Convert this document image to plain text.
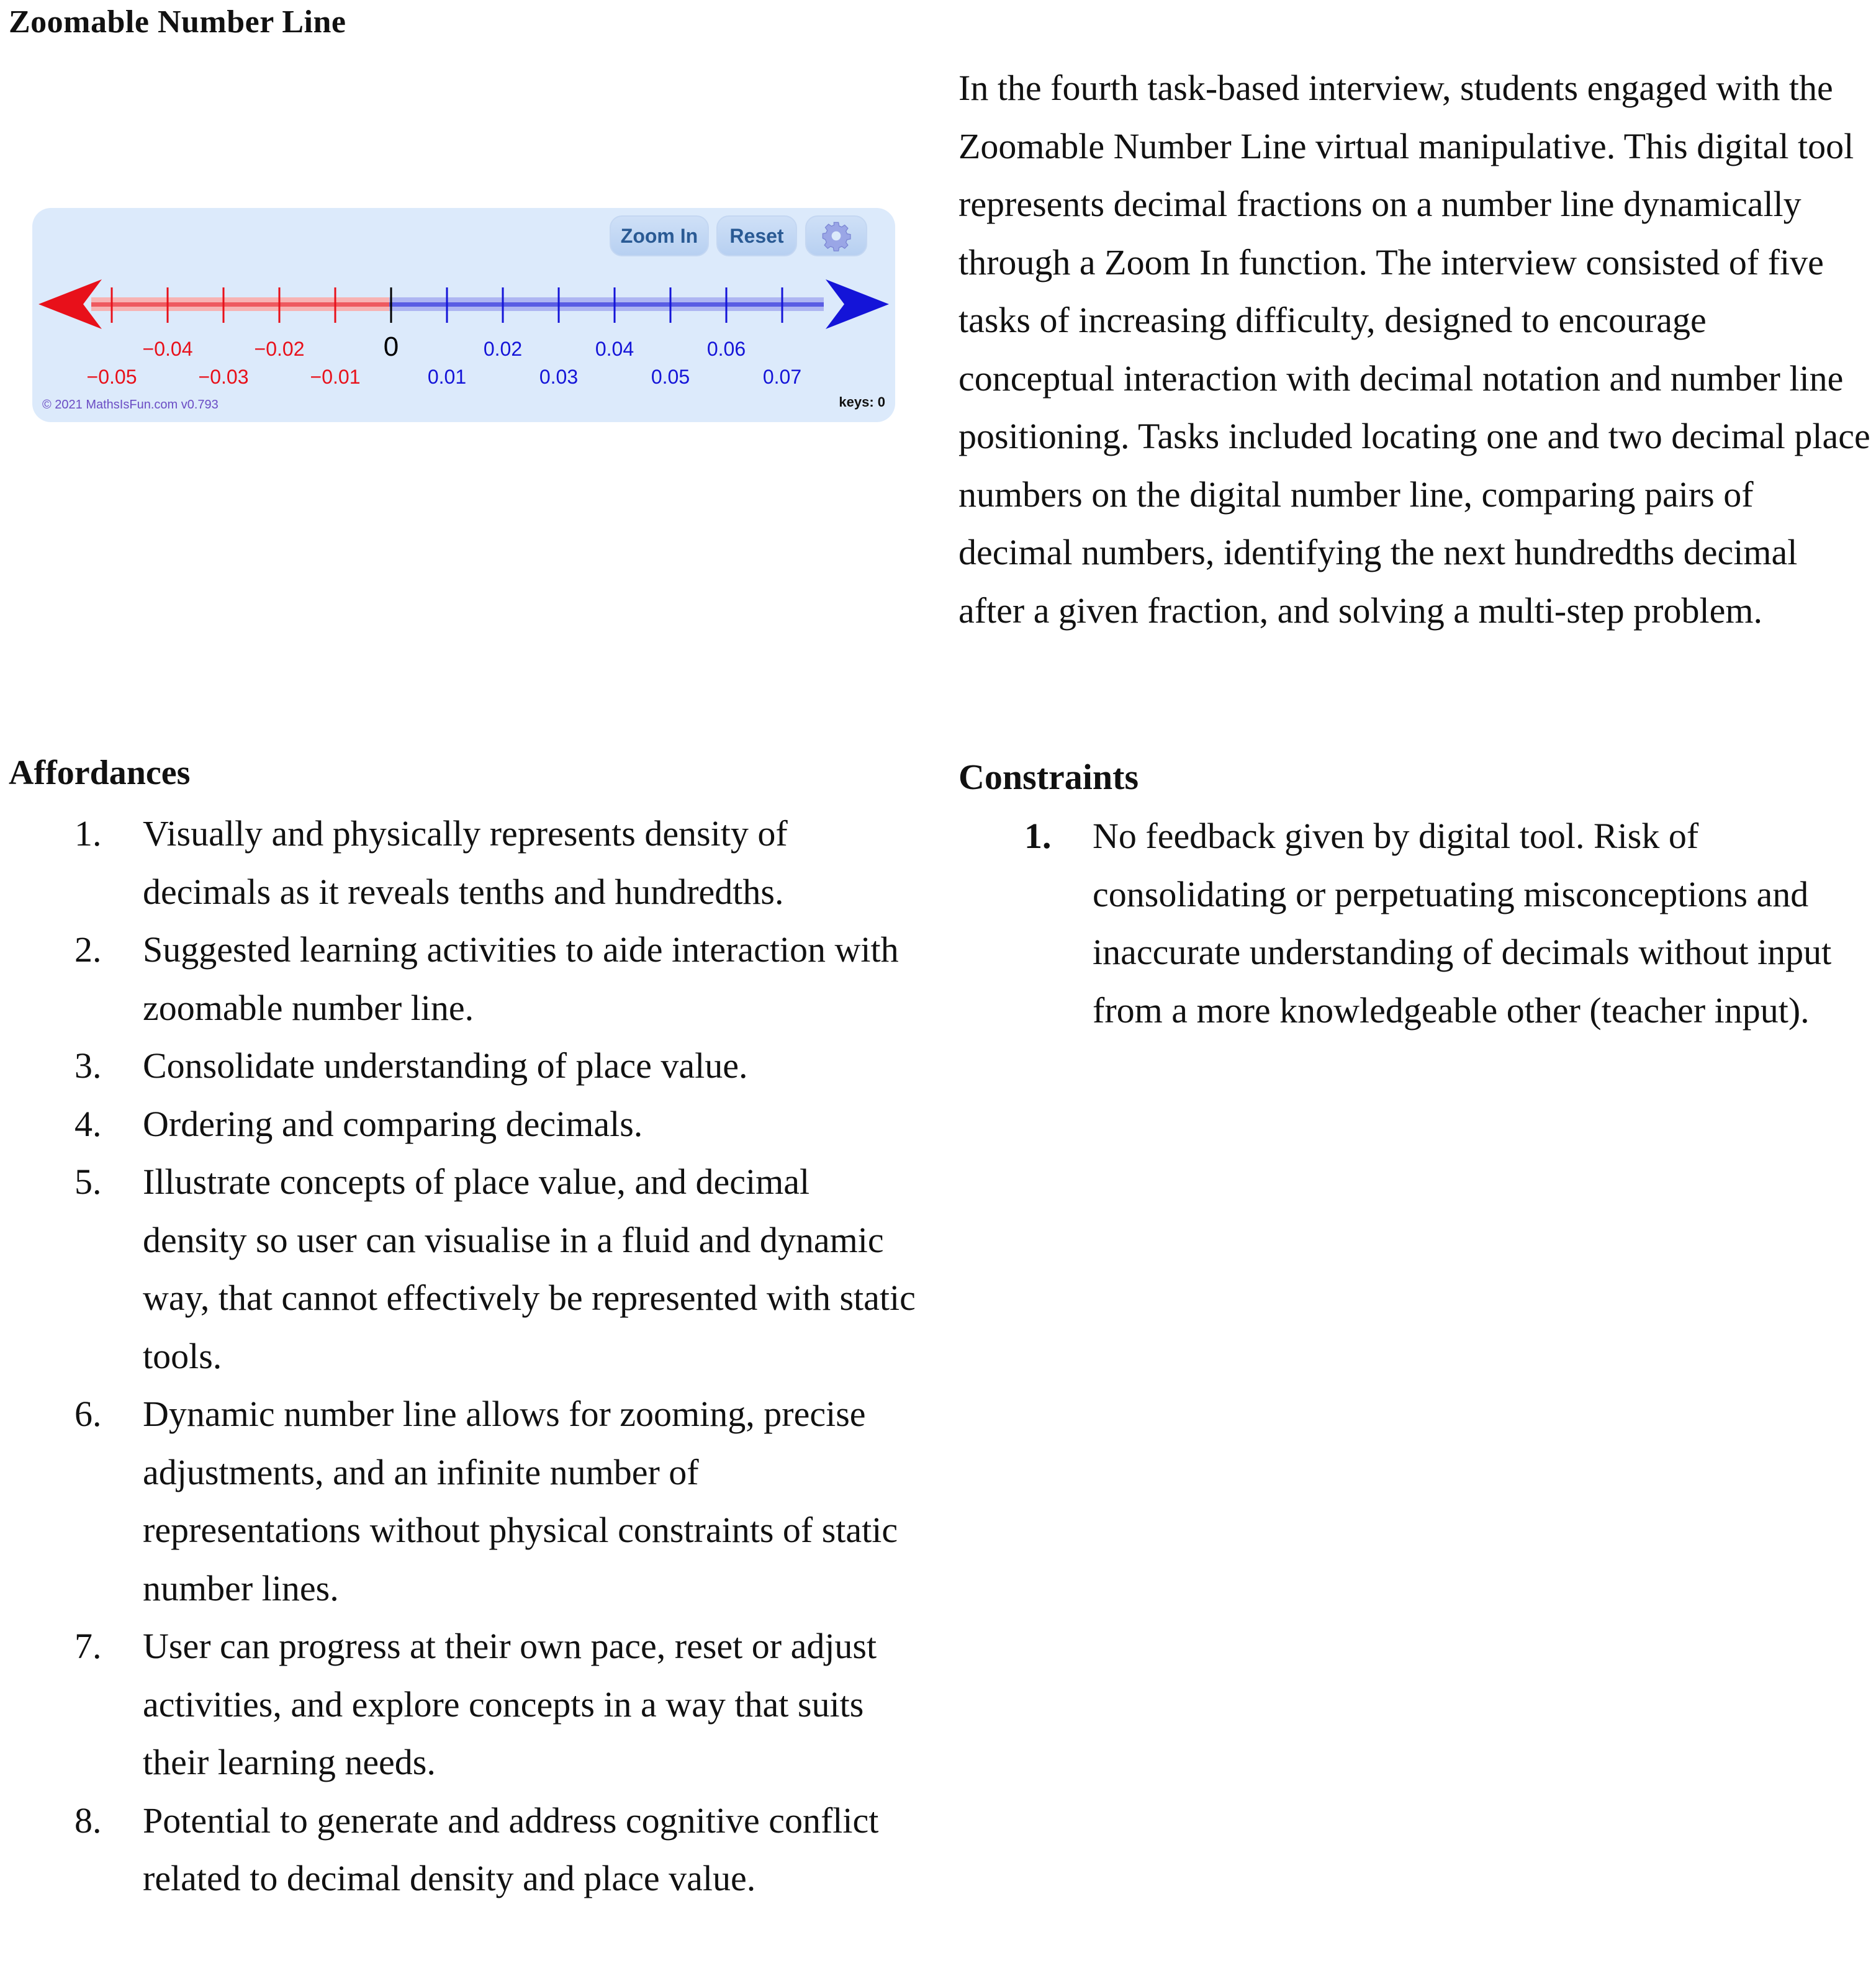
Zoomable Number Line
−0.04	−0.02	0	0.02	0.04	0.06
−0.05	−0.03	−0.01	0.01	0.03	0.05	0.07
Zoom In	Reset
© 2021 MathsIsFun.com v0.793	keys: 0

In the fourth task-based interview, students engaged with the Zoomable Number Line virtual manipulative. This digital tool represents decimal fractions on a number line dynamically through a Zoom In function. The interview consisted of five tasks of increasing difficulty, designed to encourage conceptual interaction with decimal notation and number line positioning. Tasks included locating one and two decimal place numbers on the digital number line, comparing pairs of decimal numbers, identifying the next hundredths decimal after a given fraction, and solving a multi-step problem.

Affordances
1. Visually and physically represents density of decimals as it reveals tenths and hundredths.
2. Suggested learning activities to aide interaction with zoomable number line.
3. Consolidate understanding of place value.
4. Ordering and comparing decimals.
5. Illustrate concepts of place value, and decimal density so user can visualise in a fluid and dynamic way, that cannot effectively be represented with static tools.
6. Dynamic number line allows for zooming, precise adjustments, and an infinite number of representations without physical constraints of static number lines.
7. User can progress at their own pace, reset or adjust activities, and explore concepts in a way that suits their learning needs.
8. Potential to generate and address cognitive conflict related to decimal density and place value.
Constraints
1. No feedback given by digital tool. Risk of consolidating or perpetuating misconceptions and inaccurate understanding of decimals without input from a more knowledgeable other (teacher input).
